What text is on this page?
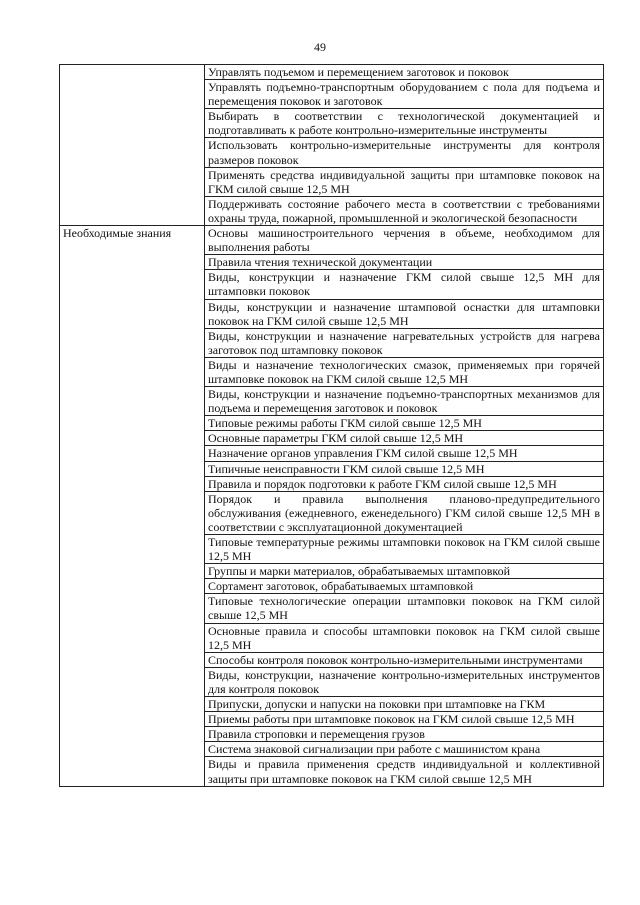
49
	Управлять подъемом и перемещением заготовок и поковок
	Управлять подъемно-транспортным оборудованием с пола для подъема и перемещения поковок и заготовок
	Выбирать в соответствии с технологической документацией и подготавливать к работе контрольно-измерительные инструменты
	Использовать контрольно-измерительные инструменты для контроля размеров поковок
	Применять средства индивидуальной защиты при штамповке поковок на ГКМ силой свыше 12,5 МН
	Поддерживать состояние рабочего места в соответствии с требованиями охраны труда, пожарной, промышленной и экологической безопасности
Необходимые знания	Основы машиностроительного черчения в объеме, необходимом для выполнения работы
	Правила чтения технической документации
	Виды, конструкции и назначение ГКМ силой свыше 12,5 МН для штамповки поковок
	Виды, конструкции и назначение штамповой оснастки для штамповки поковок на ГКМ силой свыше 12,5 МН
	Виды, конструкции и назначение нагревательных устройств для нагрева заготовок под штамповку поковок
	Виды и назначение технологических смазок, применяемых при горячей штамповке поковок на ГКМ силой свыше 12,5 МН
	Виды, конструкции и назначение подъемно-транспортных механизмов для подъема и перемещения заготовок и поковок
	Типовые режимы работы ГКМ силой свыше 12,5 МН
	Основные параметры ГКМ силой свыше 12,5 МН
	Назначение органов управления ГКМ силой свыше 12,5 МН
	Типичные неисправности ГКМ силой свыше 12,5 МН
	Правила и порядок подготовки к работе ГКМ силой свыше 12,5 МН
	Порядок и правила выполнения планово-предупредительного обслуживания (ежедневного, еженедельного) ГКМ силой свыше 12,5 МН в соответствии с эксплуатационной документацией
	Типовые температурные режимы штамповки поковок на ГКМ силой свыше 12,5 МН
	Группы и марки материалов, обрабатываемых штамповкой
	Сортамент заготовок, обрабатываемых штамповкой
	Типовые технологические операции штамповки поковок на ГКМ силой свыше 12,5 МН
	Основные правила и способы штамповки поковок на ГКМ силой свыше 12,5 МН
	Способы контроля поковок контрольно-измерительными инструментами
	Виды, конструкции, назначение контрольно-измерительных инструментов для контроля поковок
	Припуски, допуски и напуски на поковки при штамповке на ГКМ
	Приемы работы при штамповке поковок на ГКМ силой свыше 12,5 МН
	Правила строповки и перемещения грузов
	Система знаковой сигнализации при работе с машинистом крана
	Виды и правила применения средств индивидуальной и коллективной защиты при штамповке поковок на ГКМ силой свыше 12,5 МН
